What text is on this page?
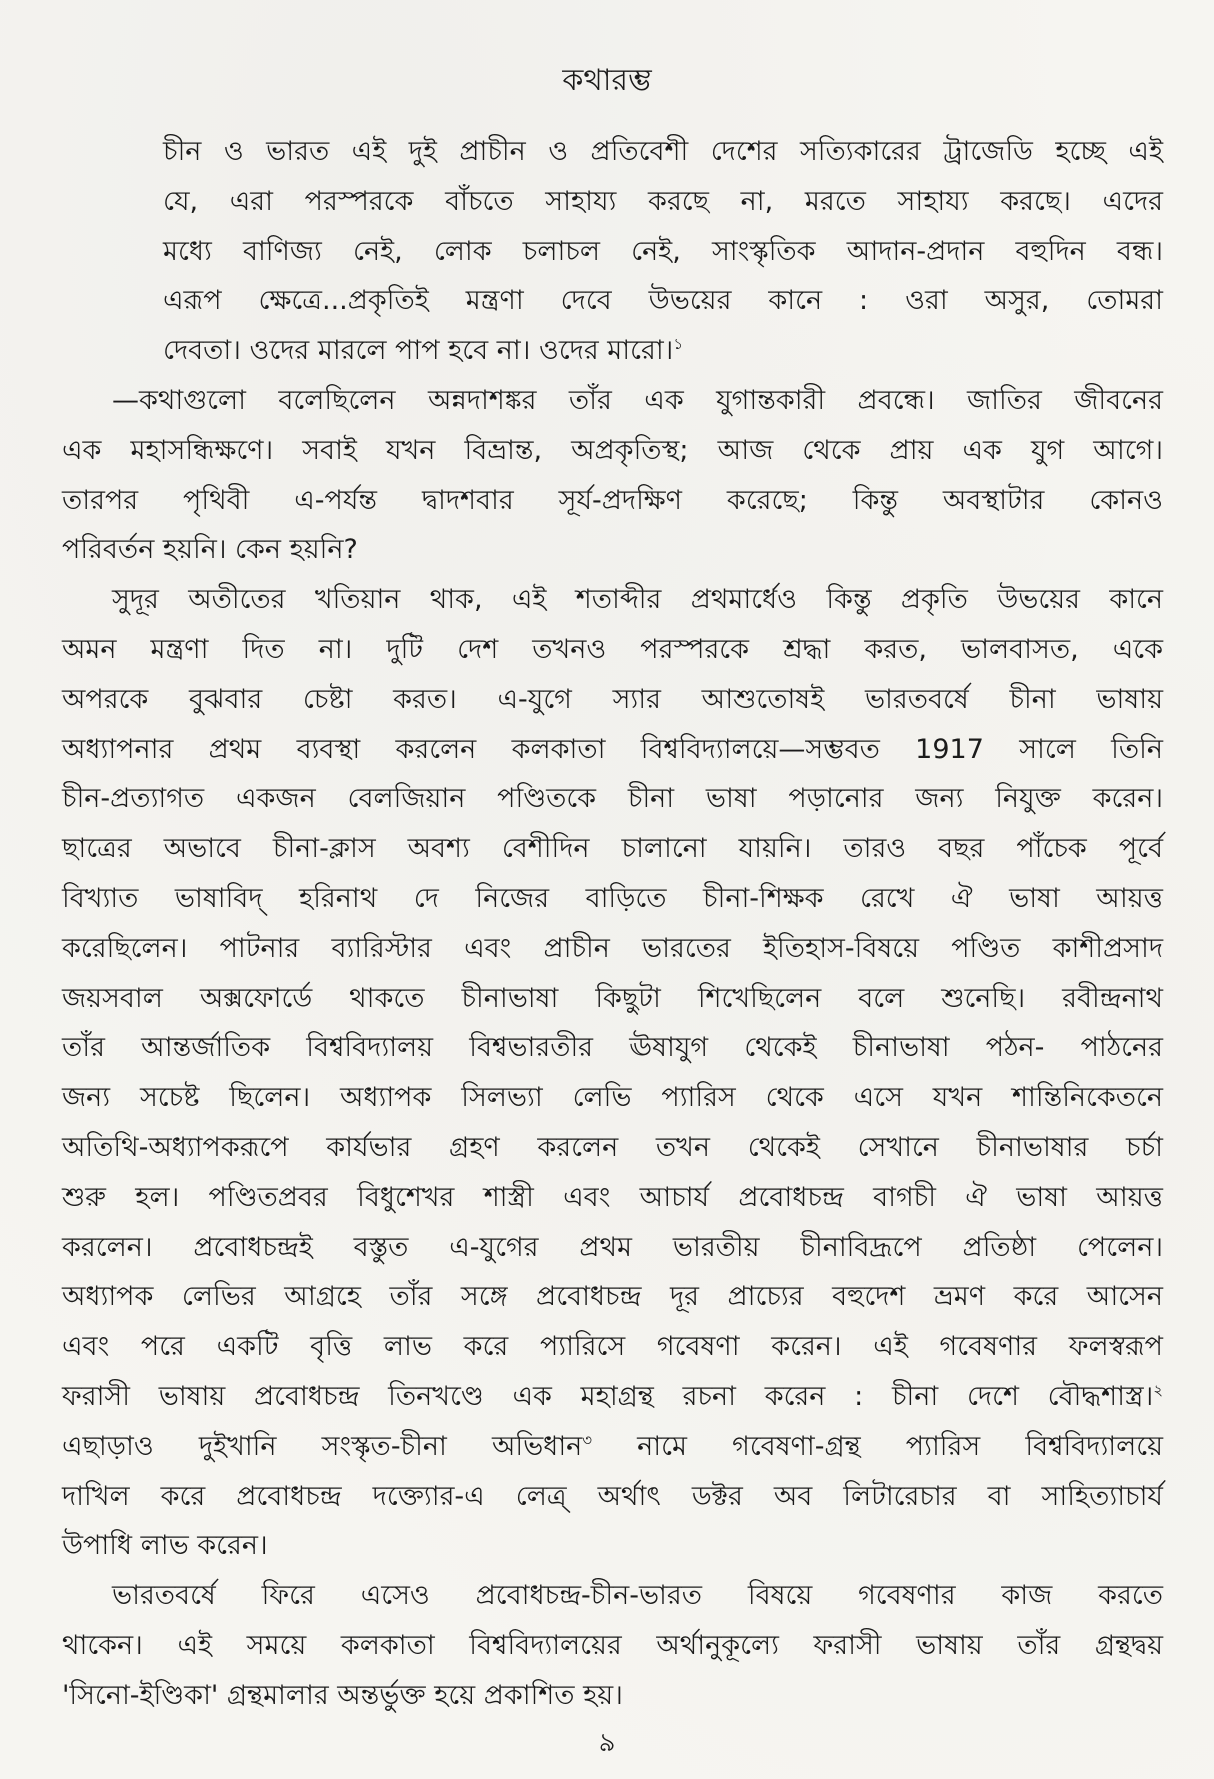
কথারম্ভ
চীন ও ভারত এই দুই প্রাচীন ও প্রতিবেশী দেশের সত্যিকারের ট্রাজেডি হচ্ছে এই
যে, এরা পরস্পরকে বাঁচতে সাহায্য করছে না, মরতে সাহায্য করছে। এদের
মধ্যে বাণিজ্য নেই, লোক চলাচল নেই, সাংস্কৃতিক আদান-প্রদান বহুদিন বন্ধ।
এরূপ ক্ষেত্রে...প্রকৃতিই মন্ত্রণা দেবে উভয়ের কানে : ওরা অসুর, তোমরা
দেবতা। ওদের মারলে পাপ হবে না। ওদের মারো।$^১$
—কথাগুলো বলেছিলেন অন্নদাশঙ্কর তাঁর এক যুগান্তকারী প্রবন্ধে। জাতির জীবনের
এক মহাসন্ধিক্ষণে। সবাই যখন বিভ্রান্ত, অপ্রকৃতিস্থ; আজ থেকে প্রায় এক যুগ আগে।
তারপর পৃথিবী এ-পর্যন্ত দ্বাদশবার সূর্য-প্রদক্ষিণ করেছে; কিন্তু অবস্থাটার কোনও
পরিবর্তন হয়নি। কেন হয়নি?
সুদূর অতীতের খতিয়ান থাক, এই শতাব্দীর প্রথমার্ধেও কিন্তু প্রকৃতি উভয়ের কানে
অমন মন্ত্রণা দিত না। দুটি দেশ তখনও পরস্পরকে শ্রদ্ধা করত, ভালবাসত, একে
অপরকে বুঝবার চেষ্টা করত। এ-যুগে স্যার আশুতোষই ভারতবর্ষে চীনা ভাষায়
অধ্যাপনার প্রথম ব্যবস্থা করলেন কলকাতা বিশ্ববিদ্যালয়ে—সম্ভবত 1917 সালে তিনি
চীন-প্রত্যাগত একজন বেলজিয়ান পণ্ডিতকে চীনা ভাষা পড়ানোর জন্য নিযুক্ত করেন।
ছাত্রের অভাবে চীনা-ক্লাস অবশ্য বেশীদিন চালানো যায়নি। তারও বছর পাঁচেক পূর্বে
বিখ্যাত ভাষাবিদ্ হরিনাথ দে নিজের বাড়িতে চীনা-শিক্ষক রেখে ঐ ভাষা আয়ত্ত
করেছিলেন। পাটনার ব্যারিস্টার এবং প্রাচীন ভারতের ইতিহাস-বিষয়ে পণ্ডিত কাশীপ্রসাদ
জয়সবাল অক্সফোর্ডে থাকতে চীনাভাষা কিছুটা শিখেছিলেন বলে শুনেছি। রবীন্দ্রনাথ
তাঁর আন্তর্জাতিক বিশ্ববিদ্যালয় বিশ্বভারতীর ঊষাযুগ থেকেই চীনাভাষা পঠন- পাঠনের
জন্য সচেষ্ট ছিলেন। অধ্যাপক সিলভ্যা লেভি প্যারিস থেকে এসে যখন শান্তিনিকেতনে
অতিথি-অধ্যাপকরূপে কার্যভার গ্রহণ করলেন তখন থেকেই সেখানে চীনাভাষার চর্চা
শুরু হল। পণ্ডিতপ্রবর বিধুশেখর শাস্ত্রী এবং আচার্য প্রবোধচন্দ্র বাগচী ঐ ভাষা আয়ত্ত
করলেন। প্রবোধচন্দ্রই বস্তুত এ-যুগের প্রথম ভারতীয় চীনাবিদ্রূপে প্রতিষ্ঠা পেলেন।
অধ্যাপক লেভির আগ্রহে তাঁর সঙ্গে প্রবোধচন্দ্র দূর প্রাচ্যের বহুদেশ ভ্রমণ করে আসেন
এবং পরে একটি বৃত্তি লাভ করে প্যারিসে গবেষণা করেন। এই গবেষণার ফলস্বরূপ
ফরাসী ভাষায় প্রবোধচন্দ্র তিনখণ্ডে এক মহাগ্রন্থ রচনা করেন : চীনা দেশে বৌদ্ধশাস্ত্র।$^২$
এছাড়াও দুইখানি সংস্কৃত-চীনা অভিধান$^৩$ নামে গবেষণা-গ্রন্থ প্যারিস বিশ্ববিদ্যালয়ে
দাখিল করে প্রবোধচন্দ্র দক্ত্যোর-এ লেত্র্ অর্থাৎ ডক্টর অব লিটারেচার বা সাহিত্যাচার্য
উপাধি লাভ করেন।
ভারতবর্ষে ফিরে এসেও প্রবোধচন্দ্র-চীন-ভারত বিষয়ে গবেষণার কাজ করতে
থাকেন। এই সময়ে কলকাতা বিশ্ববিদ্যালয়ের অর্থানুকূল্যে ফরাসী ভাষায় তাঁর গ্রন্থদ্বয়
'সিনো-ইণ্ডিকা' গ্রন্থমালার অন্তর্ভুক্ত হয়ে প্রকাশিত হয়।
৯
